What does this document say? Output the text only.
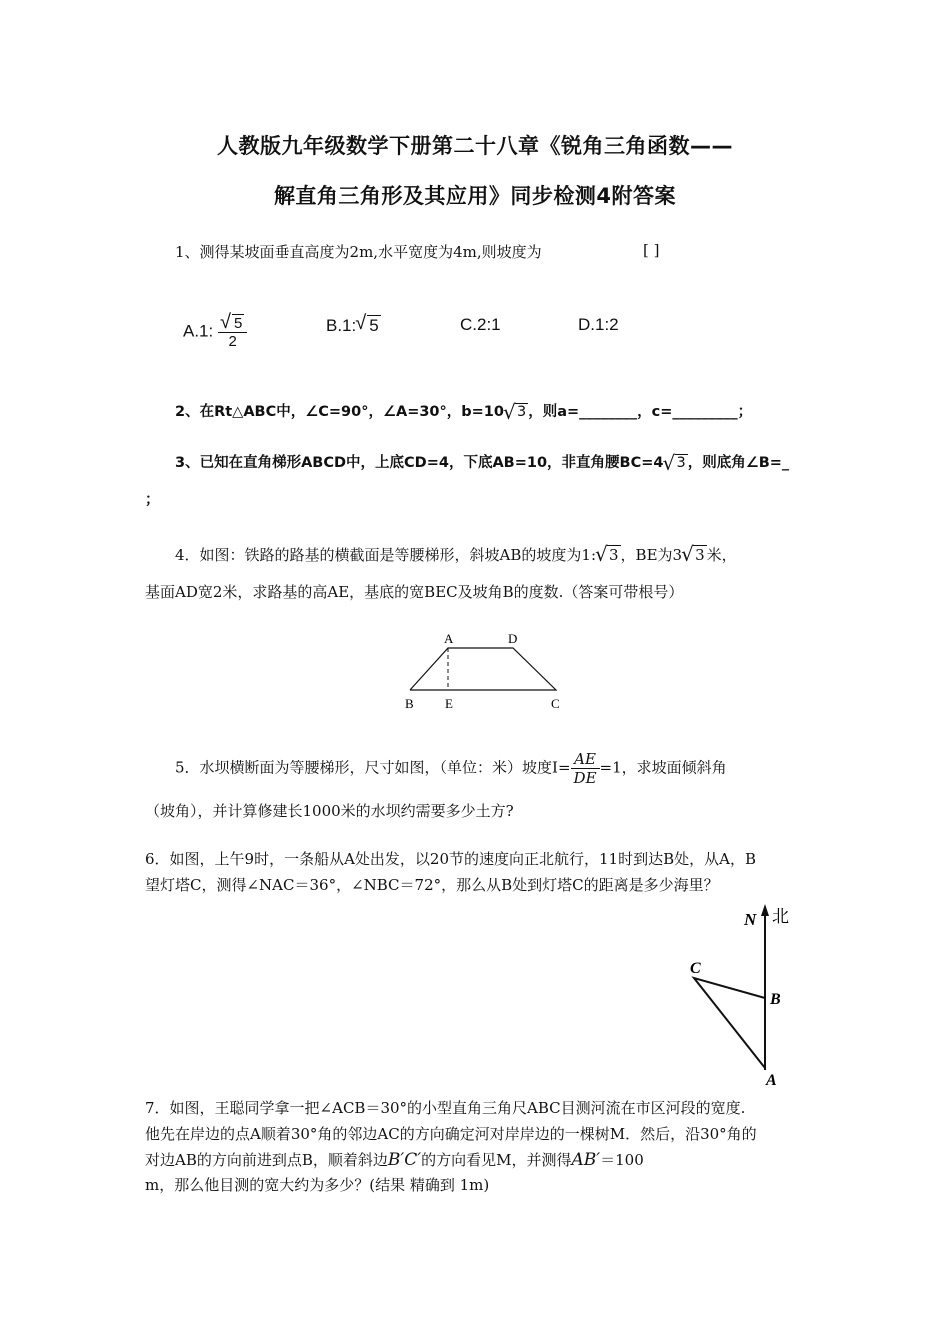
人教版九年级数学下册第二十八章《锐角三角函数——
解直角三角形及其应用》同步检测4附答案
1、测得某坡面垂直高度为2m,水平宽度为4m,则坡度为	[ ]
A.1: √ $\frac{5}{2}$	B.1: √ 5	C.2:1	D.1:2
2、在Rt△ABC中，∠C=90°，∠A=30°，b=10 √ 3 ，则a=________，c=_________；
3、已知在直角梯形ABCD中，上底CD=4，下底AB=10，非直角腰BC=4 √ 3 ，则底角∠B=_
；
4．如图：铁路的路基的横截面是等腰梯形，斜坡AB的坡度为1: √ 3 ，BE为3 √ 3 米，
基面AD宽2米，求路基的高AE，基底的宽BEC及坡角B的度数.（答案可带根号）
A	D
B E	C
5．水坝横断面为等腰梯形，尺寸如图，（单位：米）坡度$I= \frac{AE}{DE} =1$，求坡面倾斜角
（坡角），并计算修建长1000米的水坝约需要多少土方?
6．如图，上午9时，一条船从A处出发，以20节的速度向正北航行，11时到达B处，从A，B
望灯塔C，测得∠NAC＝36°，∠NBC＝72°，那么从B处到灯塔C的距离是多少海里？
N 北
C
B
A
7．如图，王聪同学拿一把∠ACB＝30°的小型直角三角尺ABC目测河流在市区河段的宽度.
他先在岸边的点A顺着30°角的邻边AC的方向确定河对岸岸边的一棵树M．然后，沿30°角的
对边AB的方向前进到点B，顺着斜边B′C′的方向看见M，并测得AB′＝100
m，那么他目测的宽大约为多少？(结果 精确到 1m)
